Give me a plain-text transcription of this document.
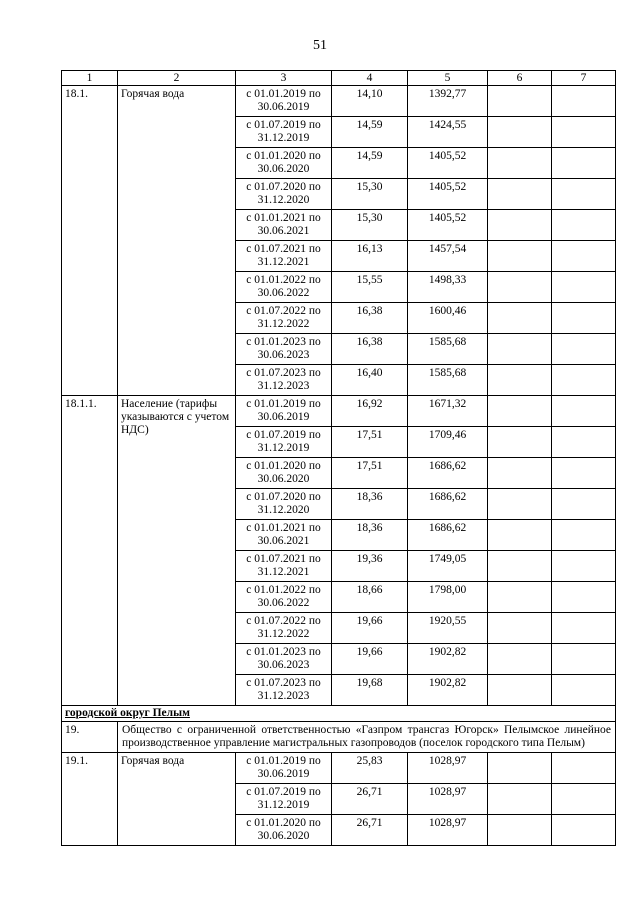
51
1	2	3	4	5	6	7
18.1.	Горячая вода	с 01.01.2019 по 30.06.2019	14,10	1392,77		
		с 01.07.2019 по 31.12.2019	14,59	1424,55		
		с 01.01.2020 по 30.06.2020	14,59	1405,52		
		с 01.07.2020 по 31.12.2020	15,30	1405,52		
		с 01.01.2021 по 30.06.2021	15,30	1405,52		
		с 01.07.2021 по 31.12.2021	16,13	1457,54		
		с 01.01.2022 по 30.06.2022	15,55	1498,33		
		с 01.07.2022 по 31.12.2022	16,38	1600,46		
		с 01.01.2023 по 30.06.2023	16,38	1585,68		
		с 01.07.2023 по 31.12.2023	16,40	1585,68		
18.1.1.	Население (тарифы указываются с учетом НДС)	с 01.01.2019 по 30.06.2019	16,92	1671,32		
		с 01.07.2019 по 31.12.2019	17,51	1709,46		
		с 01.01.2020 по 30.06.2020	17,51	1686,62		
		с 01.07.2020 по 31.12.2020	18,36	1686,62		
		с 01.01.2021 по 30.06.2021	18,36	1686,62		
		с 01.07.2021 по 31.12.2021	19,36	1749,05		
		с 01.01.2022 по 30.06.2022	18,66	1798,00		
		с 01.07.2022 по 31.12.2022	19,66	1920,55		
		с 01.01.2023 по 30.06.2023	19,66	1902,82		
		с 01.07.2023 по 31.12.2023	19,68	1902,82		
городской округ Пелым						
19.	Общество с ограниченной ответственностью «Газпром трансгаз Югорск» Пелымское линейное производственное управление магистральных газопроводов (поселок городского типа Пелым)					
19.1.	Горячая вода	с 01.01.2019 по 30.06.2019	25,83	1028,97		
		с 01.07.2019 по 31.12.2019	26,71	1028,97		
		с 01.01.2020 по 30.06.2020	26,71	1028,97		
